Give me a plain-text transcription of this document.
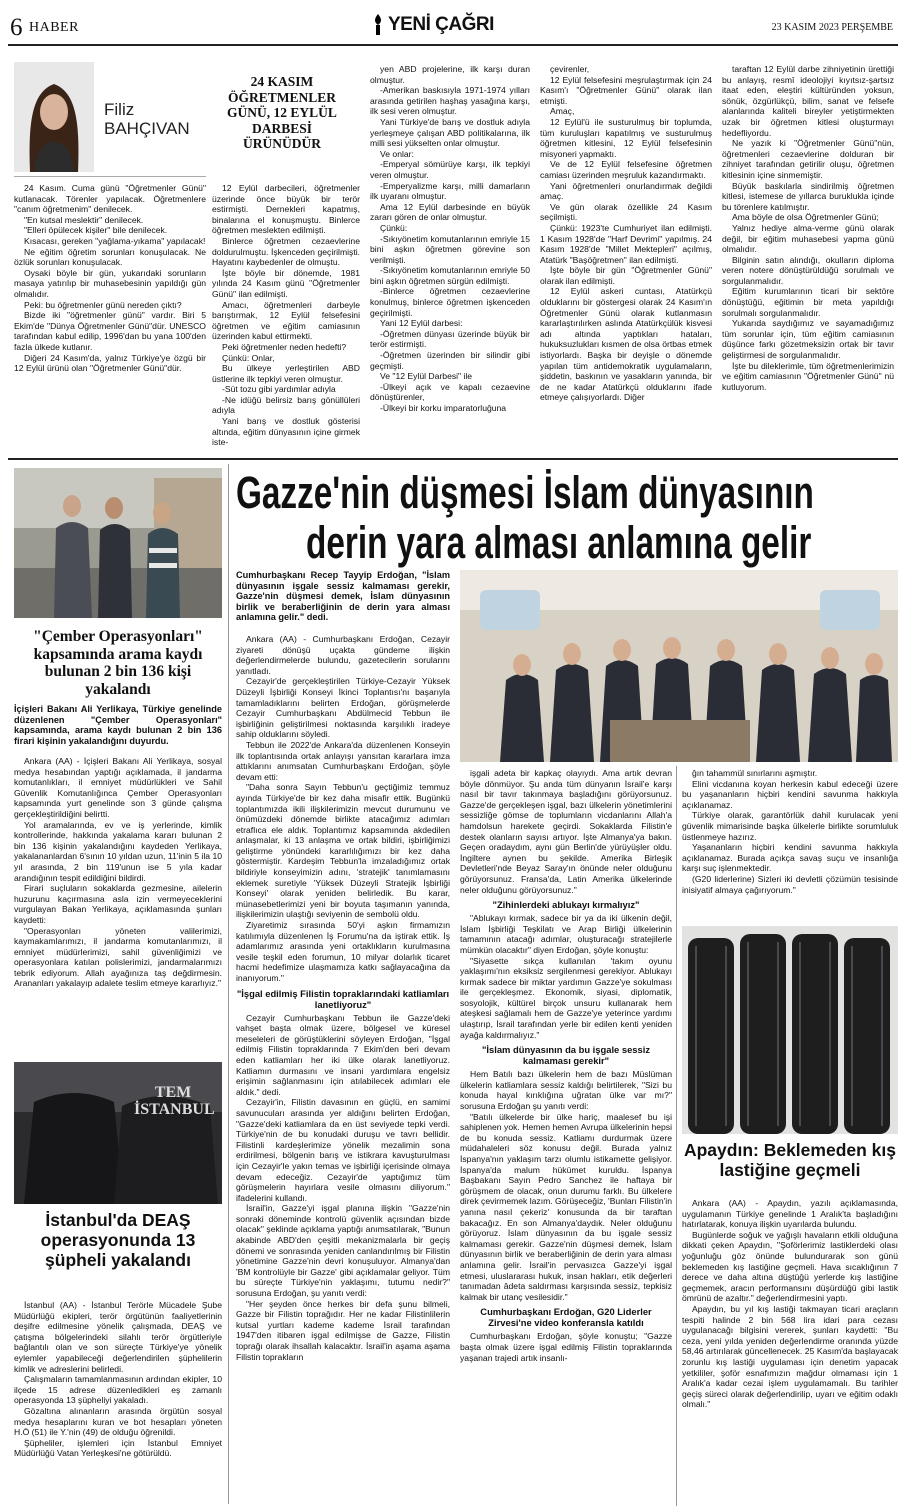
6 HABER	YENİ ÇAĞRI	23 KASIM 2023 PERŞEMBE
Filiz
BAHÇIVAN
24 KASIM ÖĞRETMENLER GÜNÜ, 12 EYLÜL DARBESİ ÜRÜNÜDÜR

24 Kasım. Cuma günü "Öğretmenler Günü" kutlanacak. Törenler yapılacak. Öğretmenlere "canım öğretmenim" denilecek.

"En kutsal meslektir" denilecek.

"Elleri öpülecek kişiler" bile denilecek.

Kısacası, gereken "yağlama-yıkama" yapılacak!

Ne eğitim öğretim sorunları konuşulacak. Ne özlük sorunları konuşulacak.

Oysaki böyle bir gün, yukarıdaki sorunların masaya yatırılıp bir muhasebesinin yapıldığı gün olmalıdır.

Peki: bu öğretmenler günü nereden çıktı?

Bizde iki "öğretmenler günü" vardır. Biri 5 Ekim'de "Dünya Öğretmenler Günü"dür. UNESCO tarafından kabul edilip, 1996'dan bu yana 100'den fazla ülkede kutlanır.

Diğeri 24 Kasım'da, yalnız Türkiye'ye özgü bir 12 Eylül ürünü olan "Öğretmenler Günü"dür.

12 Eylül darbecileri, öğretmenler üzerinde önce büyük bir terör estirmişti. Dernekleri kapatmış, binalarına el konuşmuştu. Binlerce öğretmen meslekten edilmişti.

Binlerce öğretmen cezaevlerine doldurulmuştu. İşkenceden geçirilmişti. Hayatını kaybedenler de olmuştu.

İşte böyle bir dönemde, 1981 yılında 24 Kasım günü "Öğretmenler Günü" ilan edilmişti.

Amacı, öğretmenleri darbeyle barıştırmak, 12 Eylül felsefesini öğretmen ve eğitim camiasının üzerinden kabul ettirmekti.

Peki öğretmenler neden hedefti?

Çünkü: Onlar,

Bu ülkeye yerleştirilen ABD üstlerine ilk tepkiyi veren olmuştur.

-Süt tozu gibi yardımlar adıyla

-Ne idüğü belirsiz barış gönüllüleri adıyla

Yani barış ve dostluk gösterisi altında, eğitim dünyasının içine girmek iste-

yen ABD projelerine, ilk karşı duran olmuştur.

-Amerikan baskısıyla 1971-1974 yılları arasında getirilen haşhaş yasağına karşı, ilk sesi veren olmuştur.

Yani Türkiye'de barış ve dostluk adıyla yerleşmeye çalışan ABD politikalarına, ilk milli sesi yükselten onlar olmuştur.

Ve onlar:

-Emperyal sömürüye karşı, ilk tepkiyi veren olmuştur.

-Emperyalizme karşı, milli damarların ilk uyaranı olmuştur.

Ama 12 Eylül darbesinde en büyük zararı gören de onlar olmuştur.

Çünkü:

-Sıkıyönetim komutanlarının emriyle 15 bini aşkın öğretmen görevine son verilmişti.

-Sıkıyönetim komutanlarının emriyle 50 bini aşkın öğretmen sürgün edilmişti.

-Binlerce öğretmen cezaevlerine konulmuş, binlerce öğretmen işkenceden geçirilmişti.

Yani 12 Eylül darbesi:

-Öğretmen dünyası üzerinde büyük bir terör estirmişti.

-Öğretmen üzerinden bir silindir gibi geçmişti.

Ve "12 Eylül Darbesi" ile

-Ülkeyi açık ve kapalı cezaevine dönüştürenler,

-Ülkeyi bir korku imparatorluğuna

çevirenler,

12 Eylül felsefesini meşrulaştırmak için 24 Kasım'ı "Öğretmenler Günü" olarak ilan etmişti.

Amaç,

12 Eylül'ü ile susturulmuş bir toplumda, tüm kuruluşları kapatılmış ve susturulmuş öğretmen kitlesini, 12 Eylül felsefesinin misyoneri yapmaktı.

Ve de 12 Eylül felsefesine öğretmen camiası üzerinden meşruluk kazandırmaktı.

Yani öğretmenleri onurlandırmak değildi amaç.

Ve gün olarak özellikle 24 Kasım seçilmişti.

Çünkü: 1923'te Cumhuriyet ilan edilmişti. 1 Kasım 1928'de "Harf Devrimi" yapılmış. 24 Kasım 1928'de "Millet Mektepleri" açılmış, Atatürk "Başöğretmen" ilan edilmişti.

İşte böyle bir gün "Öğretmenler Günü" olarak ilan edilmişti.

12 Eylül askeri cuntası, Atatürkçü olduklarını bir göstergesi olarak 24 Kasım'ın Öğretmenler Günü olarak kutlanmasın kararlaştırılırken aslında Atatürkçülük kisvesi adı altında yaptıkları hataları, hukuksuzlukları kısmen de olsa örtbas etmek istiyorlardı. Başka bir deyişle o dönemde yapılan tüm antidemokratik uygulamaların, şiddetin, baskının ve yasakların yanında, bir de ne kadar Atatürkçü olduklarını ifade etmeye çalışıyorlardı. Diğer

taraftan 12 Eylül darbe zihniyetinin ürettiği bu anlayış, resmî ideolojiyi kıyıtsız-şartsız itaat eden, eleştiri kültüründen yoksun, sönük, özgürlükçü, bilim, sanat ve felsefe alanlarında kaliteli bireyler yetiştirmekten uzak bir öğretmen kitlesi oluşturmayı hedefliyordu.

Ne yazık ki "Öğretmenler Günü"nün, öğretmenleri cezaevlerine dolduran bir zihniyet tarafından getirilir oluşu, öğretmen kitlesinin içine sinmemiştir.

Büyük baskılarla sindirilmiş öğretmen kitlesi, istemese de yıllarca buruklukla içinde bu törenlere katılmıştır.

Ama böyle de olsa Öğretmenler Günü;

Yalnız hediye alma-verme günü olarak değil, bir eğitim muhasebesi yapma günü olmalıdır.

Bilginin satın alındığı, okulların diploma veren notere dönüştürüldüğü sorulmalı ve sorgulanmalıdır.

Eğitim kurumlarının ticari bir sektöre dönüştüğü, eğitimin bir meta yapıldığı sorulmalı sorgulanmalıdır.

Yukarıda saydığımız ve sayamadığımız tüm sorunlar için, tüm eğitim camiasının düşünce farkı gözetmeksizin ortak bir tavır geliştirmesi de sorgulanmalıdır.

İşte bu dileklerimle, tüm öğretmenlerimizin ve eğitim camiasının "Öğretmenler Günü" nü kutluyorum.

"Çember Operasyonları" kapsamında arama kaydı bulunan 2 bin 136 kişi yakalandı
İçişleri Bakanı Ali Yerlikaya, Türkiye genelinde düzenlenen "Çember Operasyonları" kapsamında, arama kaydı bulunan 2 bin 136 firari kişinin yakalandığını duyurdu.

Ankara (AA) - İçişleri Bakanı Ali Yerlikaya, sosyal medya hesabından yaptığı açıklamada, il jandarma komutanlıkları, il emniyet müdürlükleri ve Sahil Güvenlik Komutanlığınca Çember Operasyonları kapsamında yurt genelinde son 3 günde çalışma gerçekleştirildiğini belirtti.

Yol aramalarında, ev ve iş yerlerinde, kimlik kontrollerinde, hakkında yakalama kararı bulunan 2 bin 136 kişinin yakalandığını kaydeden Yerlikaya, yakalananlardan 6'sının 10 yıldan uzun, 11'inin 5 ila 10 yıl arasında, 2 bin 119'unun ise 5 yıla kadar arandığının tespit edildiğini bildirdi.

Firari suçluların sokaklarda gezmesine, ailelerin huzurunu kaçırmasına asla izin vermeyeceklerini vurgulayan Bakan Yerlikaya, açıklamasında şunları kaydetti:

"Operasyonları yöneten valilerimizi, kaymakamlarımızı, il jandarma komutanlarımızı, il emniyet müdürlerimizi, sahil güvenliğimizi ve operasyonlara katılan polislerimizi, jandarmalarımızı tebrik ediyorum. Allah ayağınıza taş değdirmesin. Arananları yakalayıp adalete teslim etmeye kararlıyız."

TEM İSTANBUL
İstanbul'da DEAŞ operasyonunda 13 şüpheli yakalandı

İstanbul (AA) - İstanbul Terörle Mücadele Şube Müdürlüğü ekipleri, terör örgütünün faaliyetlerinin deşifre edilmesine yönelik çalışmada, DEAŞ ve çatışma bölgelerindeki silahlı terör örgütleriyle bağlantılı olan ve son süreçte Türkiye'ye yönelik eylemler yapabileceği değerlendirilen şüphelilerin kimlik ve adreslerini belirledi.

Çalışmaların tamamlanmasının ardından ekipler, 10 ilçede 15 adrese düzenledikleri eş zamanlı operasyonda 13 şüpheliyi yakaladı.

Gözaltına alınanların arasında örgütün sosyal medya hesaplarını kuran ve bot hesapları yöneten H.Ö (51) ile Y.'nin (49) de olduğu öğrenildi.

Şüpheliler, işlemleri için İstanbul Emniyet Müdürlüğü Vatan Yerleşkesi'ne götürüldü.

Gazze'nin düşmesi İslam dünyasının
derin yara alması anlamına gelir
Cumhurbaşkanı Recep Tayyip Erdoğan, "İslam dünyasının işgale sessiz kalmaması gerekir, Gazze'nin düşmesi demek, İslam dünyasının birlik ve beraberliğinin de derin yara alması anlamına gelir." dedi.

Ankara (AA) - Cumhurbaşkanı Erdoğan, Cezayir ziyareti dönüşü uçakta gündeme ilişkin değerlendirmelerde bulundu, gazetecilerin sorularını yanıtladı.

Cezayir'de gerçekleştirilen Türkiye-Cezayir Yüksek Düzeyli İşbirliği Konseyi İkinci Toplantısı'nı başarıyla tamamladıklarını belirten Erdoğan, görüşmelerde Cezayir Cumhurbaşkanı Abdülmecid Tebbun ile işbirliğinin geliştirilmesi noktasında karşılıklı iradeye sahip olduklarını söyledi.

Tebbun ile 2022'de Ankara'da düzenlenen Konseyin ilk toplantısında ortak anlayışı yansıtan kararlara imza attıklarını anımsatan Cumhurbaşkanı Erdoğan, şöyle devam etti:

"Daha sonra Sayın Tebbun'u geçtiğimiz temmuz ayında Türkiye'de bir kez daha misafir ettik. Bugünkü toplantımızda ikili ilişkilerimizin mevcut durumunu ve önümüzdeki dönemde birlikte atacağımız adımları etraflıca ele aldık. Toplantımız kapsamında akdedilen anlaşmalar, ki 13 anlaşma ve ortak bildiri, işbirliğimizi geliştirme yönündeki kararlılığımızı bir kez daha göstermiştir. Kardeşim Tebbun'la imzaladığımız ortak bildiriyle konseyimizin adını, 'stratejik' tanımlamasını eklemek suretiyle 'Yüksek Düzeyli Stratejik İşbirliği Konseyi' olarak yeniden belirledik. Bu karar, münasebetlerimizi yeni bir boyuta taşımanın yanında, ilişkilerimizin ulaştığı seviyenin de sembolü oldu.

Ziyaretimiz sırasında 50'yi aşkın firmamızın katılımıyla düzenlenen İş Forumu'na da iştirak ettik. İş adamlarımız arasında yeni ortaklıkların kurulmasına vesile teşkil eden forumun, 10 milyar dolarlık ticaret hacmi hedefimize ulaşmamıza katkı sağlayacağına da inanıyorum."

"İşgal edilmiş Filistin topraklarındaki katliamları lanetliyoruz"

Cezayir Cumhurbaşkanı Tebbun ile Gazze'deki vahşet başta olmak üzere, bölgesel ve küresel meseleleri de görüştüklerini söyleyen Erdoğan, "İşgal edilmiş Filistin topraklarında 7 Ekim'den beri devam eden katliamları her iki ülke olarak lanetliyoruz. Katliamın durmasını ve insani yardımlara engelsiz erişimin sağlanmasını için atılabilecek adımları ele aldık." dedi.

Cezayir'in, Filistin davasının en güçlü, en samimi savunucuları arasında yer aldığını belirten Erdoğan, "Gazze'deki katliamlara da en üst seviyede tepki verdi. Türkiye'nin de bu konudaki duruşu ve tavrı bellidir. Filistinli kardeşlerimize yönelik mezalimin sona erdirilmesi, bölgenin barış ve istikrara kavuşturulması için Cezayir'le yakın temas ve işbirliği içerisinde olmaya devam edeceğiz. Cezayir'de yaptığımız tüm görüşmelerin hayırlara vesile olmasını diliyorum." ifadelerini kullandı.

İsrail'in, Gazze'yi işgal planına ilişkin "Gazze'nin sonraki döneminde kontrolü güvenlik açısından bizde olacak" şeklinde açıklama yaptığı anımsatılarak, "Bunun akabinde ABD'den çeşitli mekanizmalarla bir geçiş dönemi ve sonrasında yeniden canlandırılmış bir Filistin yönetimine Gazze'nin devri konuşuluyor. Almanya'dan 'BM kontrolüyle bir Gazze' gibi açıklamalar geliyor. Tüm bu süreçte Türkiye'nin yaklaşımı, tutumu nedir?" sorusuna Erdoğan, şu yanıtı verdi:

"Her şeyden önce herkes bir defa şunu bilmeli, Gazze bir Filistin toprağıdır. Her ne kadar Filistinlilerin kutsal yurtları kademe kademe İsrail tarafından 1947'den itibaren işgal edilmişse de Gazze, Filistin toprağı olarak ihsallah kalacaktır. İsrail'in aşama aşama Filistin toprakların

işgali adeta bir kapkaç olayıydı. Ama artık devran böyle dönmüyor. Şu anda tüm dünyanın İsrail'e karşı nasıl bir tavır takınmaya başladığını görüyorsunuz. Gazze'de gerçekleşen işgal, bazı ülkelerin yönetimlerini sessizliğe gömse de toplumların vicdanlarını Allah'a hamdolsun harekete geçirdi. Sokaklarda Filistin'e destek olanların sayısı artıyor. İşte Almanya'ya bakın. Geçen oradaydım, aynı gün Berlin'de yürüyüşler oldu. İngiltere aynen bu şekilde. Amerika Birleşik Devletleri'nde Beyaz Saray'ın önünde neler olduğunu görüyorsunuz. Fransa'da, Latin Amerika ülkelerinde neler olduğunu görüyorsunuz."

"Zihinlerdeki ablukayı kırmalıyız"

"Ablukayı kırmak, sadece bir ya da iki ülkenin değil, İslam İşbirliği Teşkilatı ve Arap Birliği ülkelerinin tamamının atacağı adımlar, oluşturacağı stratejilerle mümkün olacaktır" diyen Erdoğan, şöyle konuştu:

"Siyasette sıkça kullanılan 'takım oyunu yaklaşımı'nın eksiksiz sergilenmesi gerekiyor. Ablukayı kırmak sadece bir miktar yardımın Gazze'ye sokulması ile gerçekleşmez. Ekonomik, siyasi, diplomatik, sosyolojik, kültürel birçok unsuru kullanarak hem ateşkesi sağlamalı hem de Gazze'ye yeterince yardımı ulaştırıp, İsrail tarafından yerle bir edilen kenti yeniden ayağa kaldırmalıyız."

"İslam dünyasının da bu işgale sessiz kalmaması gerekir"

Hem Batılı bazı ülkelerin hem de bazı Müslüman ülkelerin katliamlara sessiz kaldığı belirtilerek, "Sizi bu konuda hayal kırıklığına uğratan ülke var mı?" sorusuna Erdoğan şu yanıtı verdi:

"Batılı ülkelerde bir ülke hariç, maalesef bu işi sahiplenen yok. Hemen hemen Avrupa ülkelerinin hepsi de bu konuda sessiz. Katliamı durdurmak üzere müdahaleleri söz konusu değil. Burada yalnız İspanya'nın yaklaşım tarzı olumlu istikamette gelişiyor. İspanya'da malum hükümet kuruldu. İspanya Başbakanı Sayın Pedro Sanchez ile haftaya bir görüşmem de olacak, onun durumu farklı. Bu ülkelere direk çevirmemek lazım. Görüşeceğiz, 'Bunları Filistin'in yanına nasıl çekeriz' konusunda da bir taraftan bakacağız. En son Almanya'daydık. Neler olduğunu görüyoruz. İslam dünyasının da bu işgale sessiz kalmaması gerekir. Gazze'nin düşmesi demek, İslam dünyasının birlik ve beraberliğinin de derin yara alması anlamına gelir. İsrail'in pervasızca Gazze'yi işgal etmesi, uluslararası hukuk, insan hakları, etik değerleri tanımadan âdeta saldırması karşısında sessiz, tepkisiz kalmak bir utanç vesilesidir."

Cumhurbaşkanı Erdoğan, G20 Liderler Zirvesi'ne video konferansla katıldı

Cumhurbaşkanı Erdoğan, şöyle konuştu; "Gazze başta olmak üzere işgal edilmiş Filistin topraklarında yaşanan trajedi artık insanlı-

ğın tahammül sınırlarını aşmıştır.

Elini vicdanına koyan herkesin kabul edeceği üzere bu yaşananların hiçbiri kendini savunma hakkıyla açıklanamaz.

Türkiye olarak, garantörlük dahil kurulacak yeni güvenlik mimarisinde başka ülkelerle birlikte sorumluluk üstlenmeye hazırız.

Yaşananların hiçbiri kendini savunma hakkıyla açıklanamaz. Burada açıkça savaş suçu ve insanlığa karşı suç işlenmektedir.

(G20 liderlerine) Sizleri iki devletli çözümün tesisinde inisiyatif almaya çağırıyorum."

Apaydın: Beklemeden kış lastiğine geçmeli

Ankara (AA) - Apaydın, yazılı açıklamasında, uygulamanın Türkiye genelinde 1 Aralık'ta başladığını hatırlatarak, konuya ilişkin uyarılarda bulundu.

Bugünlerde soğuk ve yağışlı havaların etkili olduğuna dikkati çeken Apaydın, "Şoförlerimiz lastiklerdeki olası yoğunluğu göz önünde bulundurarak son günü beklemeden kış lastiğine geçmeli. Hava sıcaklığının 7 derece ve daha altına düştüğü yerlerde kış lastiğine geçmemek, aracın performansını düşürdüğü gibi lastik ömrünü de azaltır." değerlendirmesini yaptı.

Apaydın, bu yıl kış lastiği takmayan ticari araçların tespiti halinde 2 bin 568 lira idari para cezası uygulanacağı bilgisini vererek, şunları kaydetti: "Bu ceza, yeni yılda yeniden değerlendirme oranında yüzde 58,46 artırılarak güncellenecek. 25 Kasım'da başlayacak zorunlu kış lastiği uygulaması için denetim yapacak yetkililer, şoför esnafımızın mağdur olmaması için 1 Aralık'a kadar cezai işlem uygulamamalı. Bu tarihler geçiş süreci olarak değerlendirilip, uyarı ve eğitim odaklı olmalı."
